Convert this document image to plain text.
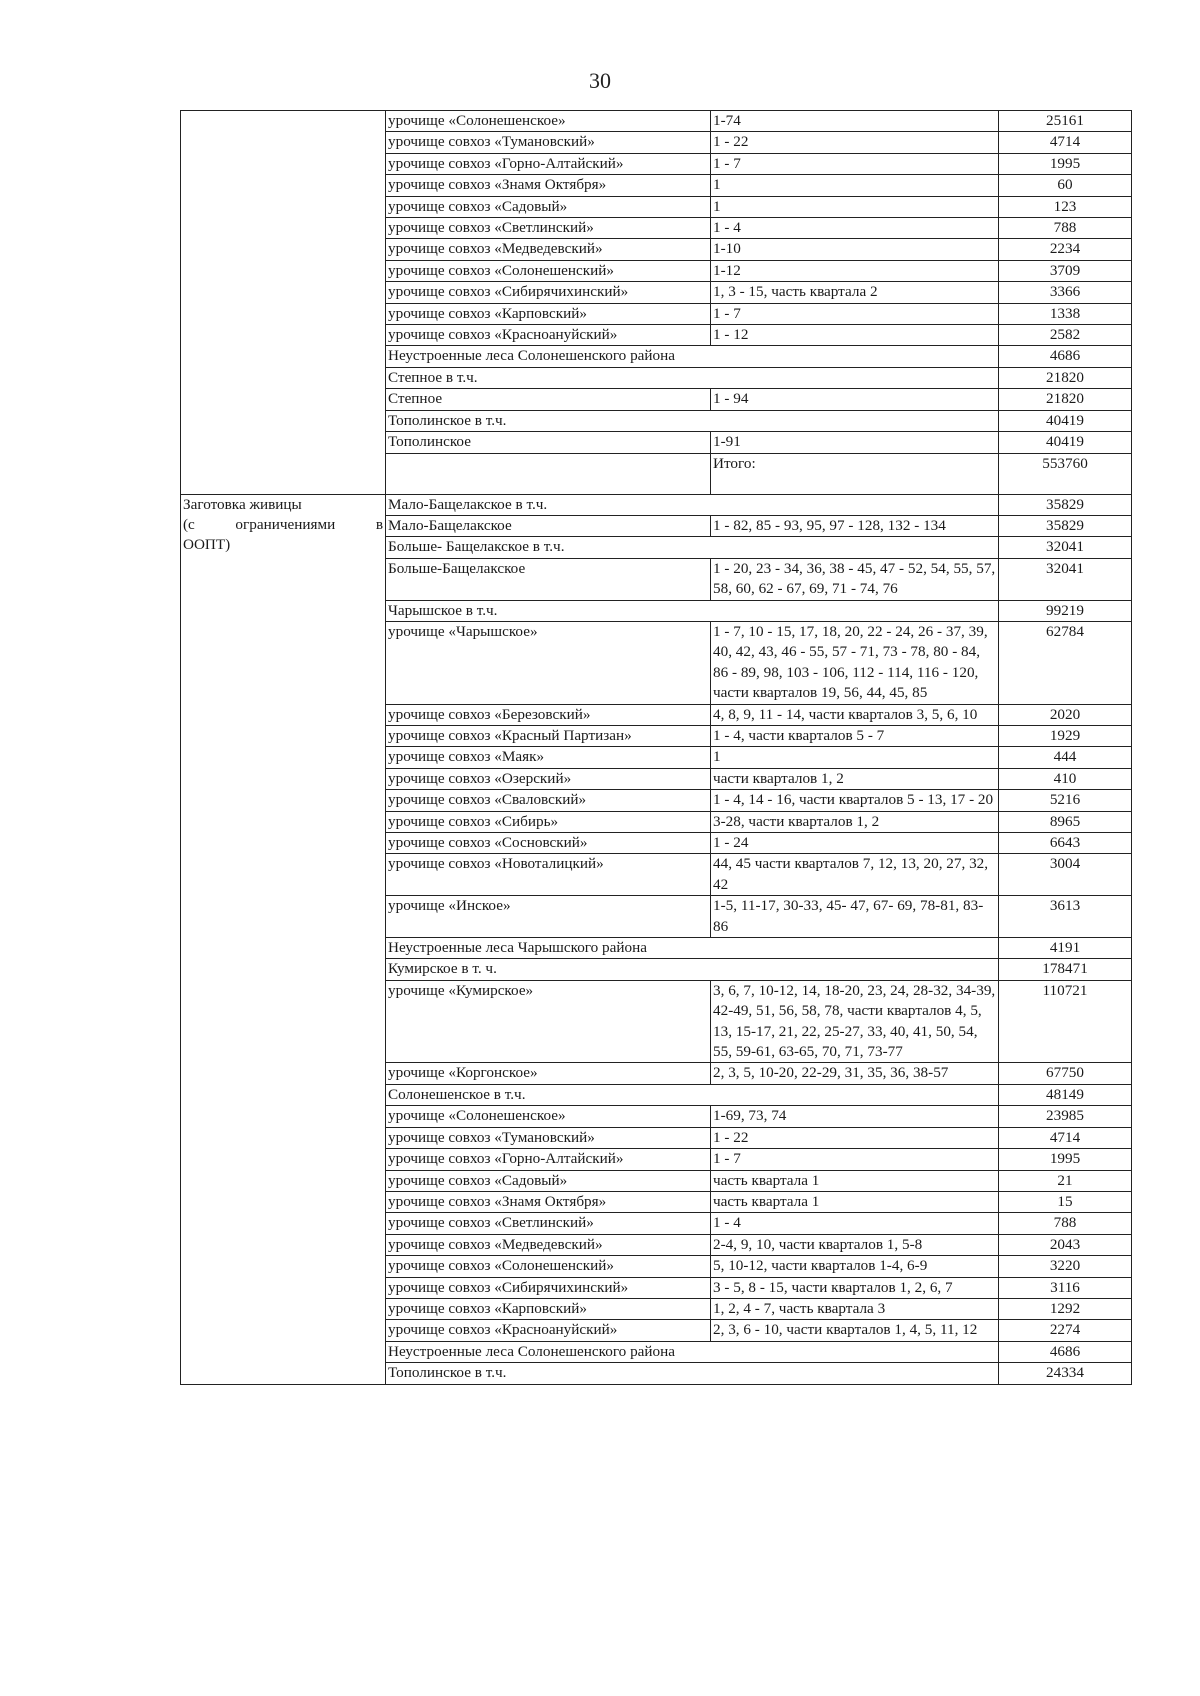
30
	урочище «Солонешенское»	1-74	25161
	урочище совхоз «Тумановский»	1 - 22	4714
	урочище совхоз «Горно-Алтайский»	1 - 7	1995
	урочище совхоз «Знамя Октября»	1	60
	урочище совхоз «Садовый»	1	123
	урочище совхоз «Светлинский»	1 - 4	788
	урочище совхоз «Медведевский»	1-10	2234
	урочище совхоз «Солонешенский»	1-12	3709
	урочище совхоз «Сибирячихинский»	1, 3 - 15, часть квартала 2	3366
	урочище совхоз «Карповский»	1 - 7	1338
	урочище совхоз «Красноануйский»	1 - 12	2582
	Неустроенные леса Солонешенского района		4686
	Степное в т.ч.		21820
	Степное	1 - 94	21820
	Тополинское в т.ч.		40419
	Тополинское	1-91	40419
		Итого:	553760

Заготовка живицы
(с ограничениями в
ООПТ)	Мало-Бащелакское в т.ч.		35829
	Мало-Бащелакское	1 - 82, 85 - 93, 95, 97 - 128, 132 - 134	35829
	Больше- Бащелакское в т.ч.		32041
	Больше-Бащелакское	1 - 20, 23 - 34, 36, 38 - 45, 47 - 52, 54, 55, 57, 58, 60, 62 - 67, 69, 71 - 74, 76	32041
	Чарышское в т.ч.		99219
	урочище «Чарышское»	1 - 7, 10 - 15, 17, 18, 20, 22 - 24, 26 - 37, 39, 40, 42, 43, 46 - 55, 57 - 71, 73 - 78, 80 - 84, 86 - 89, 98, 103 - 106, 112 - 114, 116 - 120, части кварталов 19, 56, 44, 45, 85	62784
	урочище совхоз «Березовский»	4, 8, 9, 11 - 14, части кварталов 3, 5, 6, 10	2020
	урочище совхоз «Красный Партизан»	1 - 4, части кварталов 5 - 7	1929
	урочище совхоз «Маяк»	1	444
	урочище совхоз «Озерский»	части кварталов 1, 2	410
	урочище совхоз «Сваловский»	1 - 4, 14 - 16, части кварталов 5 - 13, 17 - 20	5216
	урочище совхоз «Сибирь»	3-28, части кварталов 1, 2	8965
	урочище совхоз «Сосновский»	1 - 24	6643
	урочище совхоз «Новоталицкий»	44, 45 части кварталов 7, 12, 13, 20, 27, 32, 42	3004
	урочище «Инское»	1-5, 11-17, 30-33, 45- 47, 67- 69, 78-81, 83-86	3613
	Неустроенные леса Чарышского района		4191
	Кумирское в т. ч.		178471
	урочище «Кумирское»	3, 6, 7, 10-12, 14, 18-20, 23, 24, 28-32, 34-39, 42-49, 51, 56, 58, 78, части кварталов 4, 5, 13, 15-17, 21, 22, 25-27, 33, 40, 41, 50, 54, 55, 59-61, 63-65, 70, 71, 73-77	110721
	урочище «Коргонское»	2, 3, 5, 10-20, 22-29, 31, 35, 36, 38-57	67750
	Солонешенское в т.ч.		48149
	урочище «Солонешенское»	1-69, 73, 74	23985
	урочище совхоз «Тумановский»	1 - 22	4714
	урочище совхоз «Горно-Алтайский»	1 - 7	1995
	урочище совхоз «Садовый»	часть квартала 1	21
	урочище совхоз «Знамя Октября»	часть квартала 1	15
	урочище совхоз «Светлинский»	1 - 4	788
	урочище совхоз «Медведевский»	2-4, 9, 10, части кварталов 1, 5-8	2043
	урочище совхоз «Солонешенский»	5, 10-12, части кварталов 1-4, 6-9	3220
	урочище совхоз «Сибирячихинский»	3 - 5, 8 - 15, части кварталов 1, 2, 6, 7	3116
	урочище совхоз «Карповский»	1, 2, 4 - 7, часть квартала 3	1292
	урочище совхоз «Красноануйский»	2, 3, 6 - 10, части кварталов 1, 4, 5, 11, 12	2274
	Неустроенные леса Солонешенского района		4686
	Тополинское в т.ч.		24334
